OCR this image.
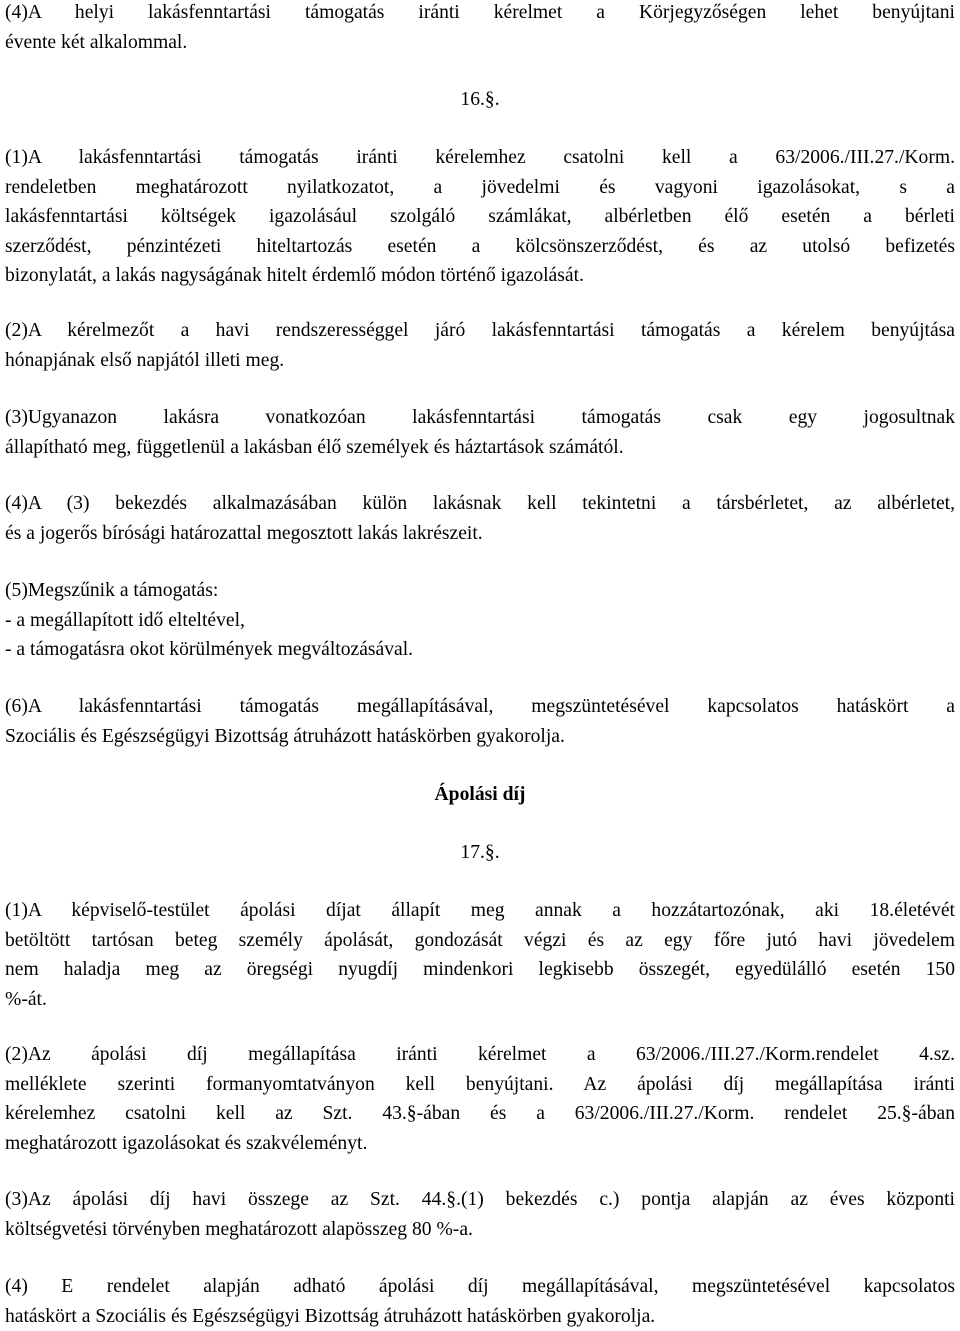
(4)A helyi lakásfenntartási támogatás iránti kérelmet a Körjegyzőségen lehet benyújtani
évente két alkalommal.
16.§.
(1)A lakásfenntartási támogatás iránti kérelemhez csatolni kell a 63/2006./III.27./Korm.
rendeletben meghatározott nyilatkozatot, a jövedelmi és vagyoni igazolásokat, s a
lakásfenntartási költségek igazolásául szolgáló számlákat, albérletben élő esetén a bérleti
szerződést, pénzintézeti hiteltartozás esetén a kölcsönszerződést, és az utolsó befizetés
bizonylatát, a lakás nagyságának hitelt érdemlő módon történő igazolását.
(2)A kérelmezőt a havi rendszerességgel járó lakásfenntartási támogatás a kérelem benyújtása
hónapjának első napjától illeti meg.
(3)Ugyanazon lakásra vonatkozóan lakásfenntartási támogatás csak egy jogosultnak
állapítható meg, függetlenül a lakásban élő személyek és háztartások számától.
(4)A (3) bekezdés alkalmazásában külön lakásnak kell tekintetni a társbérletet, az albérletet,
és a jogerős bírósági határozattal megosztott lakás lakrészeit.
(5)Megszűnik a támogatás:
- a megállapított idő elteltével,
- a támogatásra okot körülmények megváltozásával.
(6)A lakásfenntartási támogatás megállapításával, megszüntetésével kapcsolatos hatáskört a
Szociális és Egészségügyi Bizottság átruházott hatáskörben gyakorolja.
Ápolási díj
17.§.
(1)A képviselő-testület ápolási díjat állapít meg annak a hozzátartozónak, aki 18.életévét
betöltött tartósan beteg személy ápolását, gondozását végzi és az egy főre jutó havi jövedelem
nem haladja meg az öregségi nyugdíj mindenkori legkisebb összegét, egyedülálló esetén 150
%-át.
(2)Az ápolási díj megállapítása iránti kérelmet a 63/2006./III.27./Korm.rendelet 4.sz.
melléklete szerinti formanyomtatványon kell benyújtani. Az ápolási díj megállapítása iránti
kérelemhez csatolni kell az Szt. 43.§-ában és a 63/2006./III.27./Korm. rendelet 25.§-ában
meghatározott igazolásokat és szakvéleményt.
(3)Az ápolási díj havi összege az Szt. 44.§.(1) bekezdés c.) pontja alapján az éves központi
költségvetési törvényben meghatározott alapösszeg 80 %-a.
(4) E rendelet alapján adható ápolási díj megállapításával, megszüntetésével kapcsolatos
hatáskört a Szociális és Egészségügyi Bizottság átruházott hatáskörben gyakorolja.
